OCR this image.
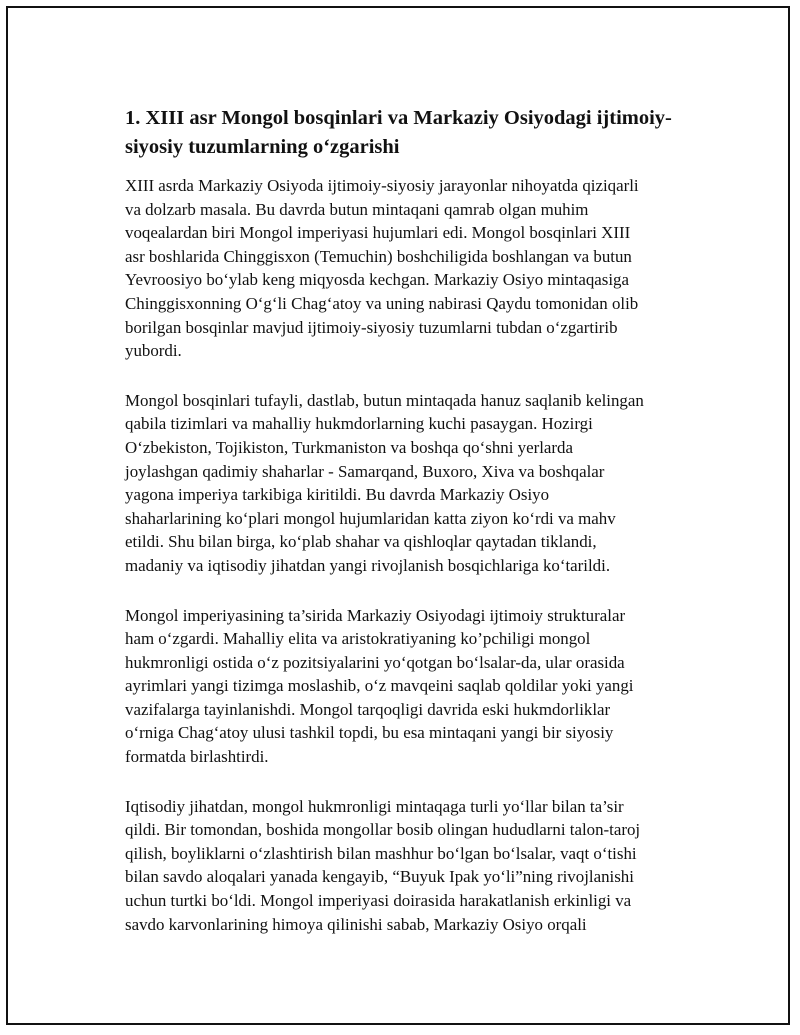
1. XIII asr Mongol bosqinlari va Markaziy Osiyodagi ijtimoiy-
siyosiy tuzumlarning o‘zgarishi

XIII asrda Markaziy Osiyoda ijtimoiy-siyosiy jarayonlar nihoyatda qiziqarli
va dolzarb masala. Bu davrda butun mintaqani qamrab olgan muhim
voqealardan biri Mongol imperiyasi hujumlari edi. Mongol bosqinlari XIII
asr boshlarida Chinggisxon (Temuchin) boshchiligida boshlangan va butun
Yevroosiyo bo‘ylab keng miqyosda kechgan. Markaziy Osiyo mintaqasiga
Chinggisxonning O‘g‘li Chag‘atoy va uning nabirasi Qaydu tomonidan olib
borilgan bosqinlar mavjud ijtimoiy-siyosiy tuzumlarni tubdan o‘zgartirib
yubordi.

Mongol bosqinlari tufayli, dastlab, butun mintaqada hanuz saqlanib kelingan
qabila tizimlari va mahalliy hukmdorlarning kuchi pasaygan. Hozirgi
O‘zbekiston, Tojikiston, Turkmaniston va boshqa qo‘shni yerlarda
joylashgan qadimiy shaharlar - Samarqand, Buxoro, Xiva va boshqalar
yagona imperiya tarkibiga kiritildi. Bu davrda Markaziy Osiyo
shaharlarining ko‘plari mongol hujumlaridan katta ziyon ko‘rdi va mahv
etildi. Shu bilan birga, ko‘plab shahar va qishloqlar qaytadan tiklandi,
madaniy va iqtisodiy jihatdan yangi rivojlanish bosqichlariga ko‘tarildi.

Mongol imperiyasining ta’sirida Markaziy Osiyodagi ijtimoiy strukturalar
ham o‘zgardi. Mahalliy elita va aristokratiyaning ko’pchiligi mongol
hukmronligi ostida o‘z pozitsiyalarini yo‘qotgan bo‘lsalar-da, ular orasida
ayrimlari yangi tizimga moslashib, o‘z mavqeini saqlab qoldilar yoki yangi
vazifalarga tayinlanishdi. Mongol tarqoqligi davrida eski hukmdorliklar
o‘rniga Chag‘atoy ulusi tashkil topdi, bu esa mintaqani yangi bir siyosiy
formatda birlashtirdi.

Iqtisodiy jihatdan, mongol hukmronligi mintaqaga turli yo‘llar bilan ta’sir
qildi. Bir tomondan, boshida mongollar bosib olingan hududlarni talon-taroj
qilish, boyliklarni o‘zlashtirish bilan mashhur bo‘lgan bo‘lsalar, vaqt o‘tishi
bilan savdo aloqalari yanada kengayib, “Buyuk Ipak yo‘li”ning rivojlanishi
uchun turtki bo‘ldi. Mongol imperiyasi doirasida harakatlanish erkinligi va
savdo karvonlarining himoya qilinishi sabab, Markaziy Osiyo orqali
